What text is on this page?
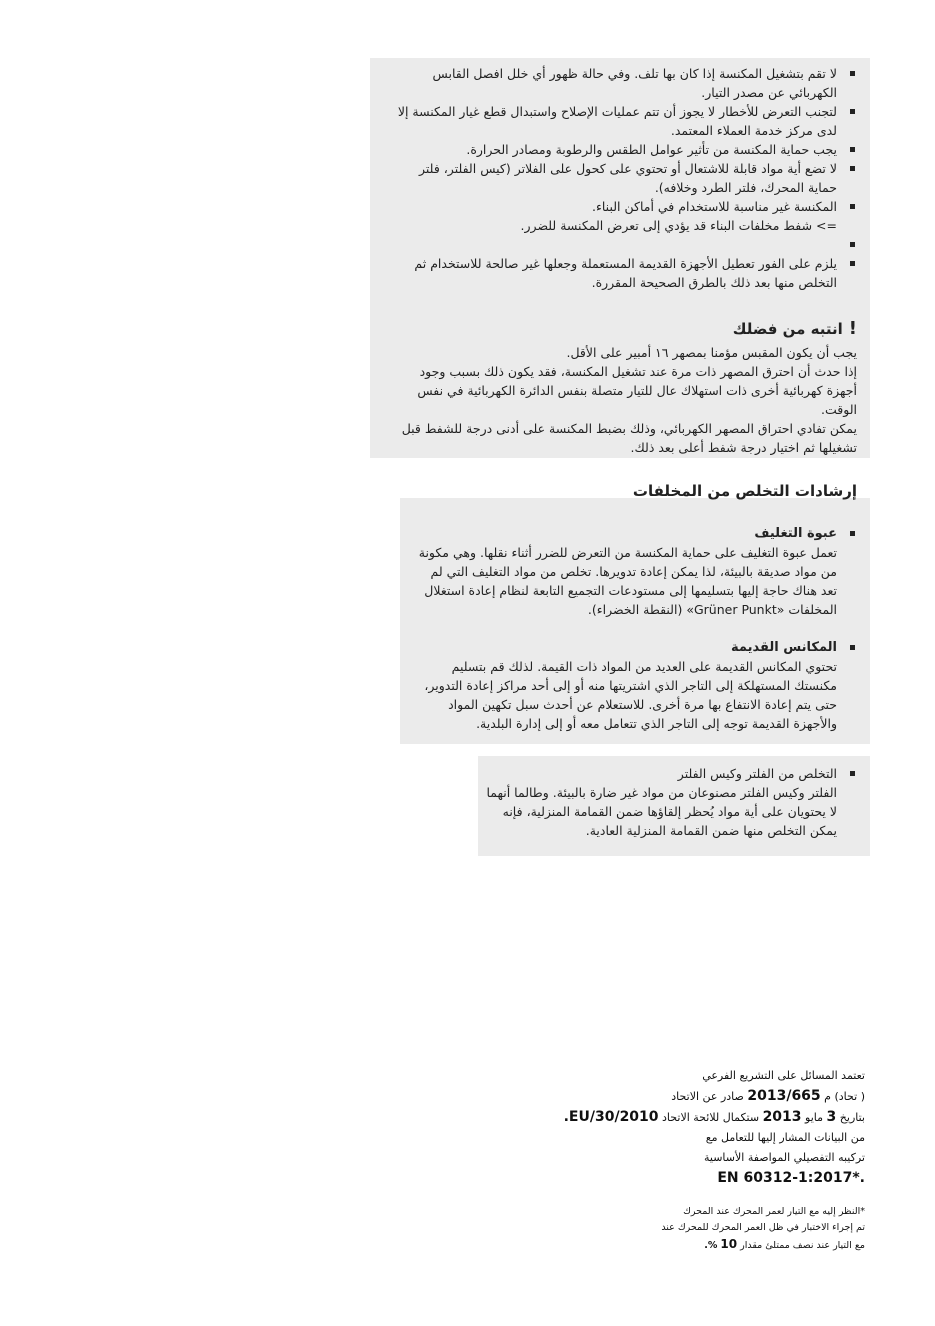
لا تقم بتشغيل المكنسة إذا كان بها تلف. وفي حالة ظهور أي خلل افصل القابس الكهربائي عن مصدر التيار.

لتجنب التعرض للأخطار لا يجوز أن تتم عمليات الإصلاح واستبدال قطع غيار المكنسة إلا لدى مركز خدمة العملاء المعتمد.

يجب حماية المكنسة من تأثير عوامل الطقس والرطوبة ومصادر الحرارة.

لا تضع أية مواد قابلة للاشتعال أو تحتوي على كحول على الفلاتر (كيس الفلتر، فلتر حماية المحرك، فلتر الطرد وخلافه).

المكنسة غير مناسبة للاستخدام في أماكن البناء.
=> شفط مخلفات البناء قد يؤدي إلى تعرض المكنسة للضرر.

يلزم على الفور تعطيل الأجهزة القديمة المستعملة وجعلها غير صالحة للاستخدام ثم التخلص منها بعد ذلك بالطرق الصحيحة المقررة.

!انتبه من فضلك

يجب أن يكون المقبس مؤمنا بمصهر ١٦ أمبير على الأقل.

إذا حدث أن احترق المصهر ذات مرة عند تشغيل المكنسة، فقد يكون ذلك بسبب وجود أجهزة كهربائية أخرى ذات استهلاك عال للتيار متصلة بنفس الدائرة الكهربائية في نفس الوقت.

يمكن تفادي احتراق المصهر الكهربائي، وذلك بضبط المكنسة على أدنى درجة للشفط قبل تشغيلها ثم اختيار درجة شفط أعلى بعد ذلك.

إرشادات التخلص من المخلفات

عبوة التغليف

تعمل عبوة التغليف على حماية المكنسة من التعرض للضرر أثناء نقلها. وهي مكونة من مواد صديقة بالبيئة، لذا يمكن إعادة تدويرها. تخلص من مواد التغليف التي لم تعد هناك حاجة إليها بتسليمها إلى مستودعات التجميع التابعة لنظام إعادة استغلال المخلفات «Grüner Punkt» (النقطة الخضراء).

المكانس القديمة

تحتوي المكانس القديمة على العديد من المواد ذات القيمة. لذلك قم بتسليم مكنستك المستهلكة إلى التاجر الذي اشتريتها منه أو إلى أحد مراكز إعادة التدوير، حتى يتم إعادة الانتفاع بها مرة أخرى. للاستعلام عن أحدث سبل تكهين المواد والأجهزة القديمة توجه إلى التاجر الذي تتعامل معه أو إلى إدارة البلدية.

التخلص من الفلتر وكيس الفلتر

الفلتر وكيس الفلتر مصنوعان من مواد غير ضارة بالبيئة. وطالما أنهما لا يحتويان على أية مواد يُحظر إلقاؤها ضمن القمامة المنزلية، فإنه يمكن التخلص منها ضمن القمامة المنزلية العادية.

تعتمد المسائل على التشريع الفرعي
( تحاد) م 2013/665 صادر عن الاتحاد
بتاريخ 3 مايو 2013 ستكمال للائحة الاتحاد EU/30/2010.
من البيانات المشار إليها للتعامل مع
تركيبه التفصيلي المواصفة الأساسية
.*1:2017-EN 60312
*النظر إليه مع التيار لعمر المحرك عند المحرك
تم إجراء الاختبار في ظل العمر المحرك للمحرك عند
مع التيار عند نصف ممتلئ مقدار 10 %.
